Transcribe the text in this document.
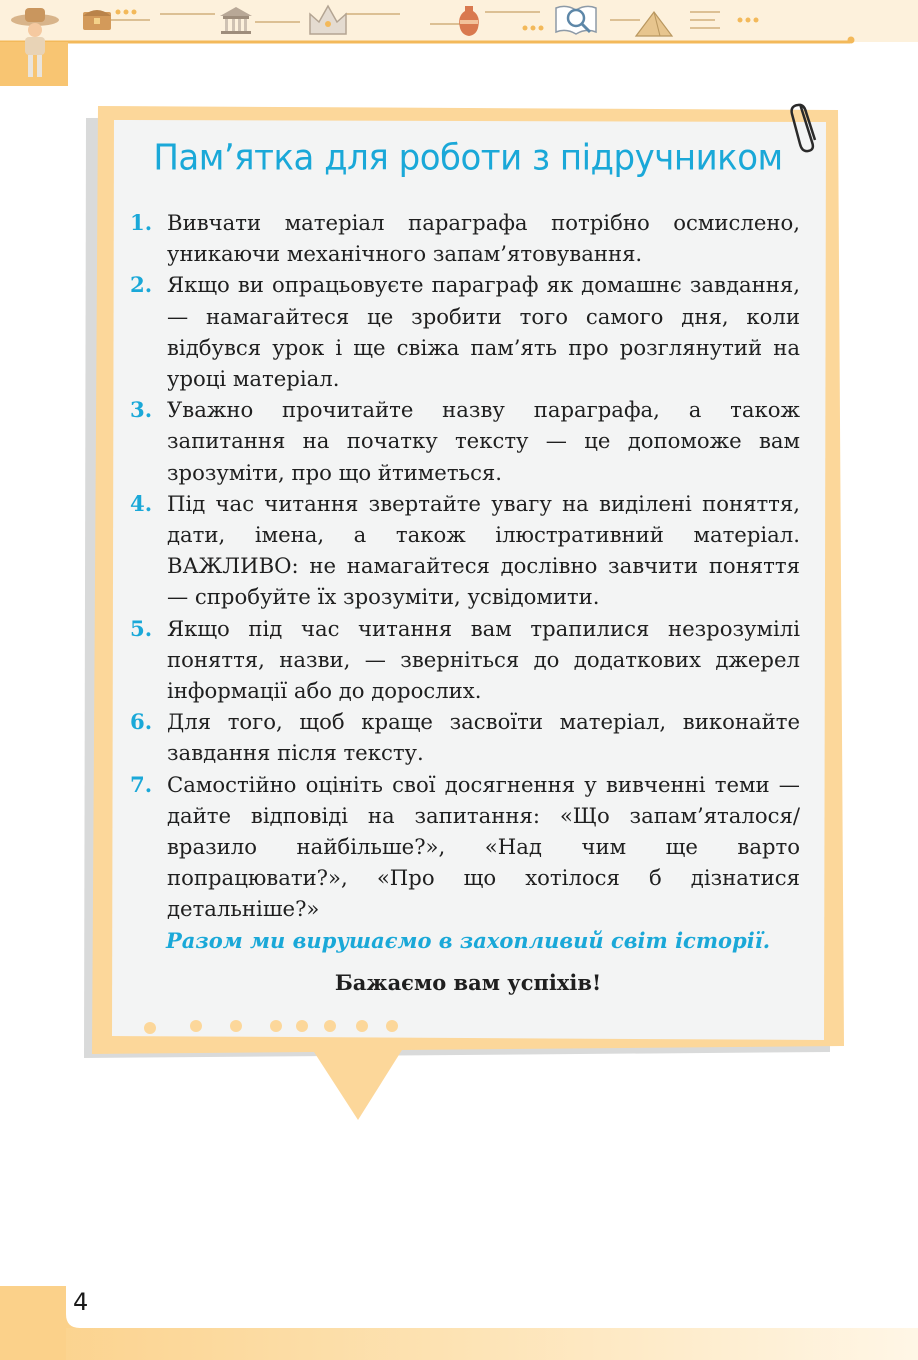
Пам’ятка для роботи з підручником
1. Вивчати матеріал параграфа потрібно осмислено, уникаючи механічного запам’ятовування.
2. Якщо ви опрацьовуєте параграф як домашнє завдання, — намагайтеся це зробити того самого дня, коли відбувся урок і ще свіжа пам’ять про розглянутий на уроці матеріал.
3. Уважно прочитайте назву параграфа, а також запитання на початку тексту — це допоможе вам зрозуміти, про що йтиметься.
4. Під час читання звертайте увагу на виділені поняття, дати, імена, а також ілюстративний матеріал. ВАЖЛИВО: не намагайтеся дослівно завчити поняття — спробуйте їх зрозуміти, усвідомити.
5. Якщо під час читання вам трапилися незрозумілі поняття, назви, — зверніться до додаткових джерел інформації або до дорослих.
6. Для того, щоб краще засвоїти матеріал, виконайте завдання після тексту.
7. Самостійно оцініть свої досягнення у вивченні теми — дайте відповіді на запитання: «Що запам’яталося/вразило найбільше?», «Над чим ще варто попрацювати?», «Про що хотілося б дізнатися детальніше?»

Разом ми вирушаємо в захопливий світ історії.

Бажаємо вам успіхів!

4
